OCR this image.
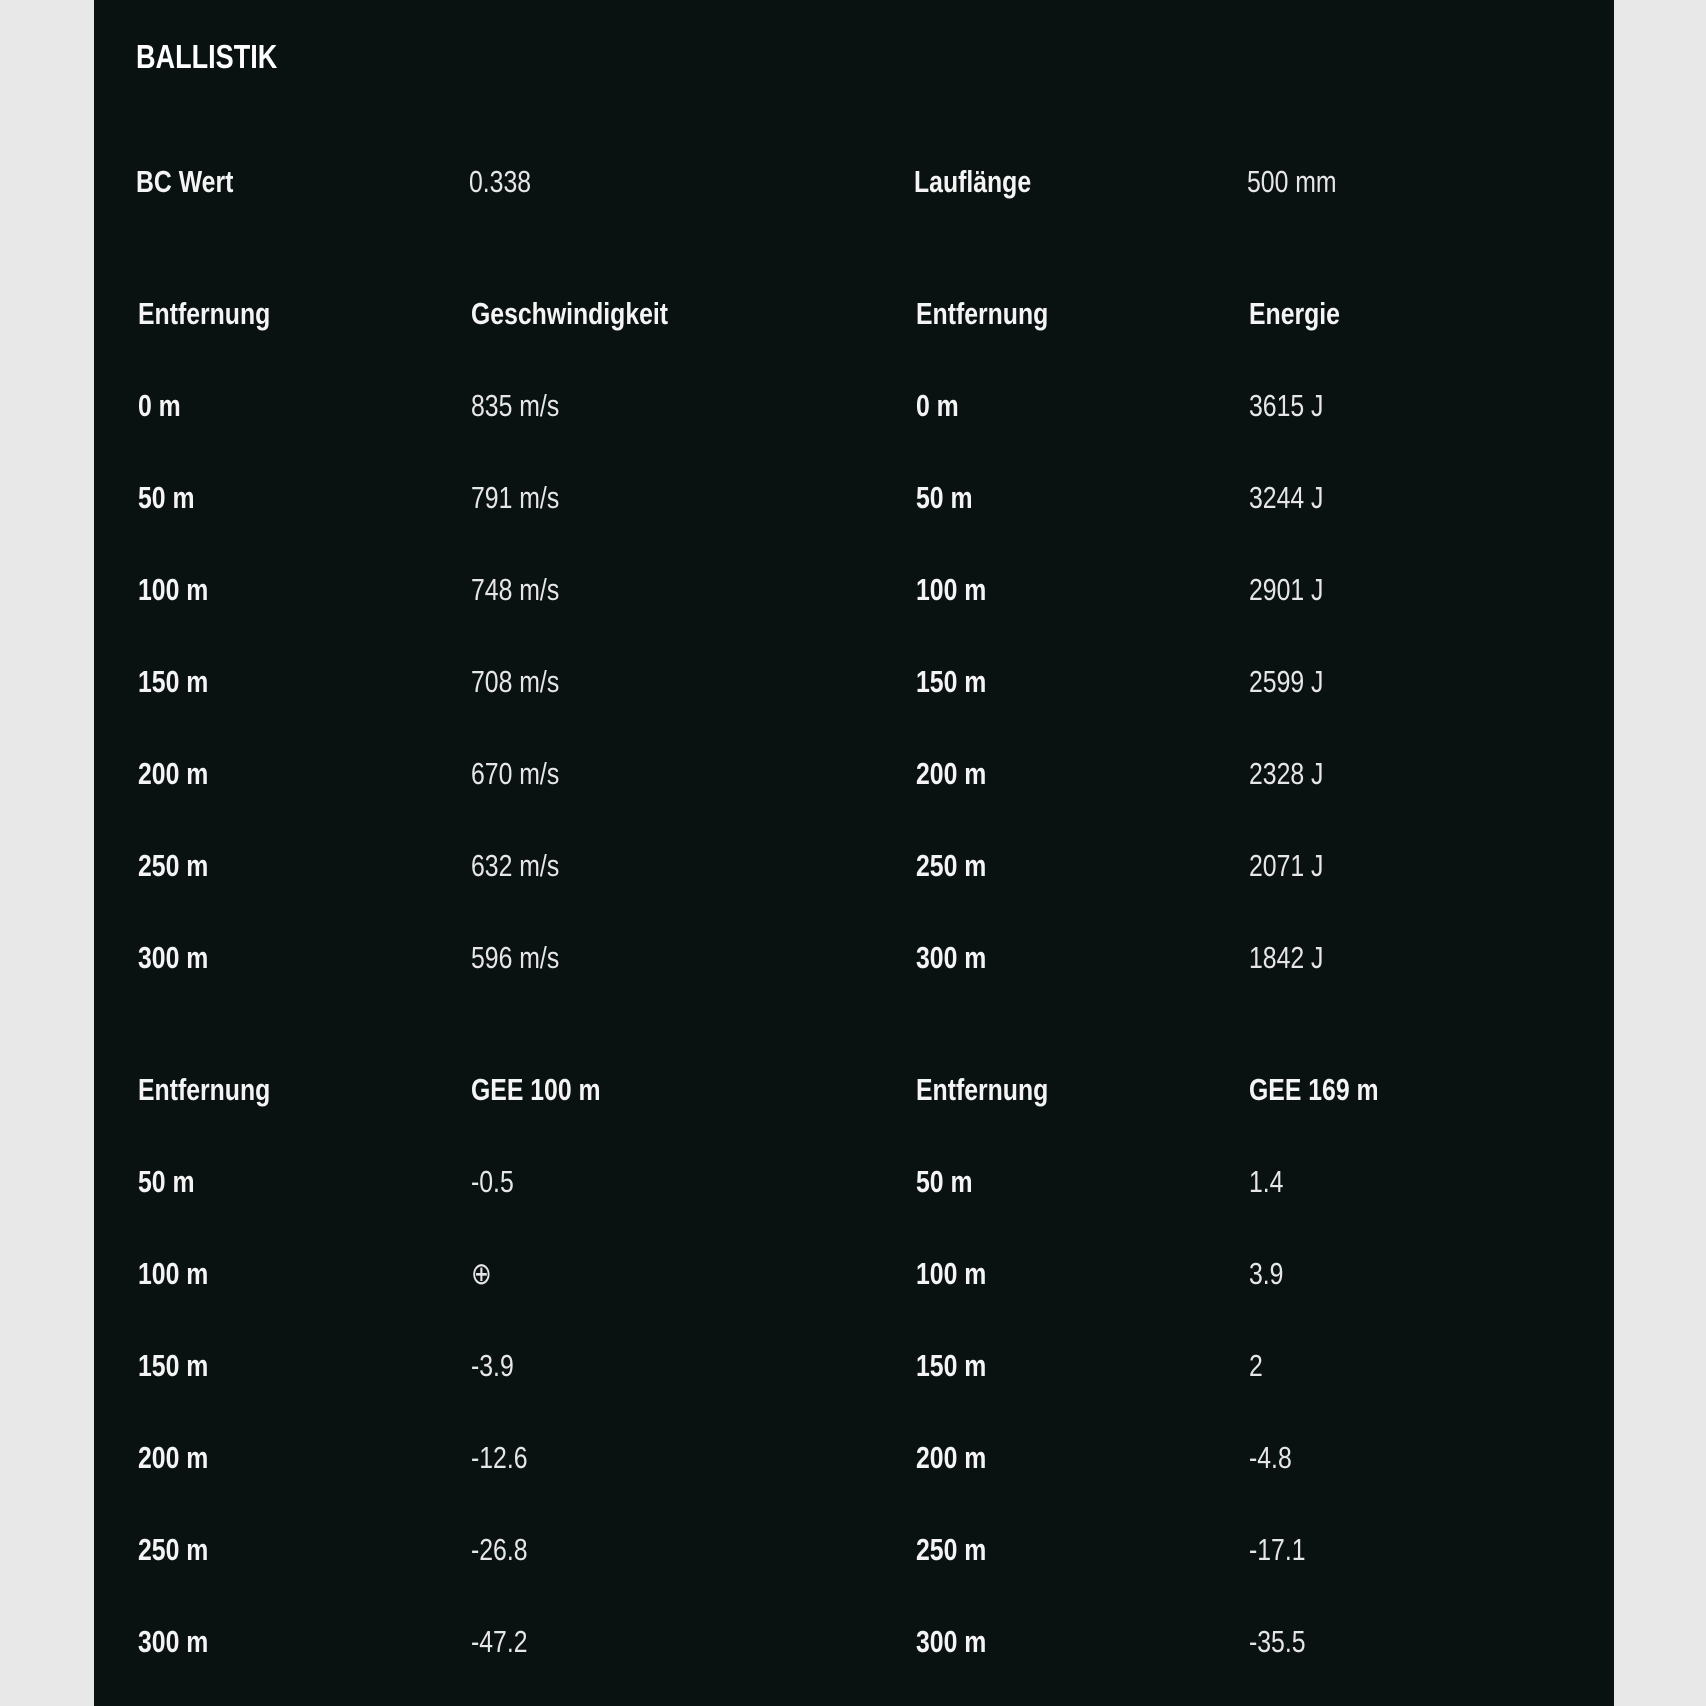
BALLISTIK
BC Wert	0.338	Lauflänge	500 mm
Entfernung	Geschwindigkeit	Entfernung	Energie
0 m	835 m/s	0 m	3615 J
50 m	791 m/s	50 m	3244 J
100 m	748 m/s	100 m	2901 J
150 m	708 m/s	150 m	2599 J
200 m	670 m/s	200 m	2328 J
250 m	632 m/s	250 m	2071 J
300 m	596 m/s	300 m	1842 J
Entfernung	GEE 100 m	Entfernung	GEE 169 m
50 m	-0.5	50 m	1.4
100 m	⊕	100 m	3.9
150 m	-3.9	150 m	2
200 m	-12.6	200 m	-4.8
250 m	-26.8	250 m	-17.1
300 m	-47.2	300 m	-35.5
